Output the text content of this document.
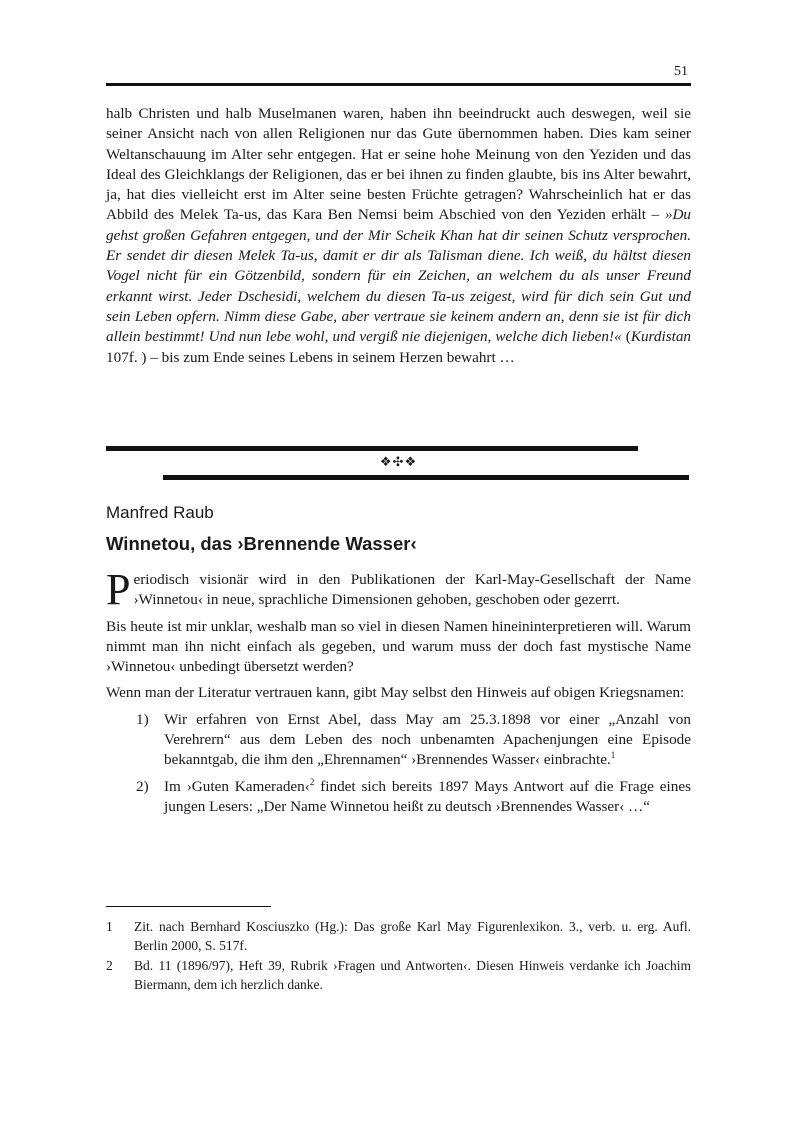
51
halb Christen und halb Muselmanen waren, haben ihn beeindruckt auch deswegen, weil sie seiner Ansicht nach von allen Religionen nur das Gute übernommen haben. Dies kam seiner Weltanschauung im Alter sehr entgegen. Hat er seine hohe Meinung von den Yeziden und das Ideal des Gleichklangs der Religionen, das er bei ihnen zu finden glaubte, bis ins Alter bewahrt, ja, hat dies vielleicht erst im Alter seine besten Früchte getragen? Wahrscheinlich hat er das Abbild des Melek Ta-us, das Kara Ben Nemsi beim Abschied von den Yeziden erhält – »Du gehst großen Gefahren entgegen, und der Mir Scheik Khan hat dir seinen Schutz versprochen. Er sendet dir diesen Melek Ta-us, damit er dir als Talisman diene. Ich weiß, du hältst diesen Vogel nicht für ein Götzenbild, sondern für ein Zeichen, an welchem du als unser Freund erkannt wirst. Jeder Dschesidi, welchem du diesen Ta-us zeigest, wird für dich sein Gut und sein Leben opfern. Nimm diese Gabe, aber vertraue sie keinem andern an, denn sie ist für dich allein bestimmt! Und nun lebe wohl, und vergiß nie diejenigen, welche dich lieben!« (Kurdistan 107f. ) – bis zum Ende seines Lebens in seinem Herzen bewahrt …
❖✣❖
Manfred Raub
Winnetou, das ›Brennende Wasser‹

Periodisch visionär wird in den Publikationen der Karl-May-Gesellschaft der Name ›Winnetou‹ in neue, sprachliche Dimensionen gehoben, geschoben oder gezerrt.

Bis heute ist mir unklar, weshalb man so viel in diesen Namen hineininterpretieren will. Warum nimmt man ihn nicht einfach als gegeben, und warum muss der doch fast mystische Name ›Winnetou‹ unbedingt übersetzt werden?

Wenn man der Literatur vertrauen kann, gibt May selbst den Hinweis auf obigen Kriegsnamen:

1) Wir erfahren von Ernst Abel, dass May am 25.3.1898 vor einer „Anzahl von Verehrern“ aus dem Leben des noch unbenamten Apachenjungen eine Episode bekanntgab, die ihm den „Ehrennamen“ ›Brennendes Wasser‹ einbrachte.$^1$
2) Im ›Guten Kameraden‹$^2$ findet sich bereits 1897 Mays Antwort auf die Frage eines jungen Lesers: „Der Name Winnetou heißt zu deutsch ›Brennendes Wasser‹ …“
1 Zit. nach Bernhard Kosciuszko (Hg.): Das große Karl May Figurenlexikon. 3., verb. u. erg. Aufl. Berlin 2000, S. 517f.
2 Bd. 11 (1896/97), Heft 39, Rubrik ›Fragen und Antworten‹. Diesen Hinweis verdanke ich Joachim Biermann, dem ich herzlich danke.
